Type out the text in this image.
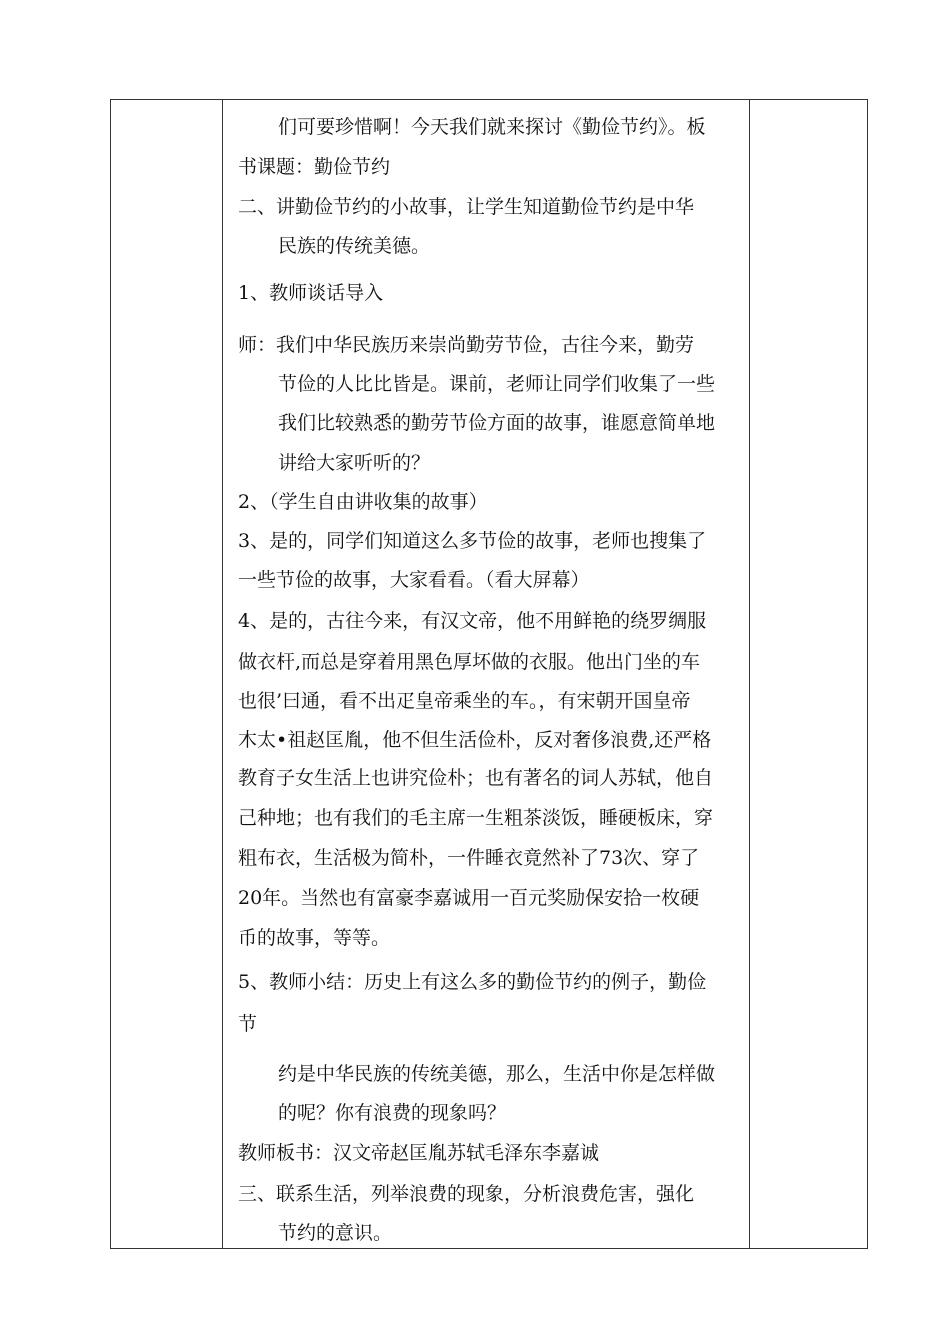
们可要珍惜啊！今天我们就来探讨《勤俭节约》。板
书课题：勤俭节约
二、讲勤俭节约的小故事，让学生知道勤俭节约是中华
民族的传统美德。
1、教师谈话导入
师：我们中华民族历来崇尚勤劳节俭，古往今来，勤劳
节俭的人比比皆是。课前，老师让同学们收集了一些
我们比较熟悉的勤劳节俭方面的故事，谁愿意简单地
讲给大家听听的？
2、（学生自由讲收集的故事）
3、是的，同学们知道这么多节俭的故事，老师也搜集了
一些节俭的故事，大家看看。（看大屏幕）
4、是的，古往今来，有汉文帝，他不用鲜艳的绕罗绸服
做衣杆,而总是穿着用黑色厚坏做的衣服。他出门坐的车
也很’曰通，看不出疋皇帝乘坐的车。，有宋朝开国皇帝
木太•祖赵匡胤，他不但生活俭朴，反对奢侈浪费,还严格
教育子女生活上也讲究俭朴；也有著名的词人苏轼，他自
己种地；也有我们的毛主席一生粗茶淡饭，睡硬板床，穿
粗布衣，生活极为简朴，一件睡衣竟然补了73次、穿了
20年。当然也有富豪李嘉诚用一百元奖励保安拾一枚硬
币的故事，等等。
5、教师小结：历史上有这么多的勤俭节约的例子，勤俭
节
约是中华民族的传统美德，那么，生活中你是怎样做
的呢？你有浪费的现象吗？
教师板书：汉文帝赵匡胤苏轼毛泽东李嘉诚
三、联系生活，列举浪费的现象，分析浪费危害，强化
节约的意识。
